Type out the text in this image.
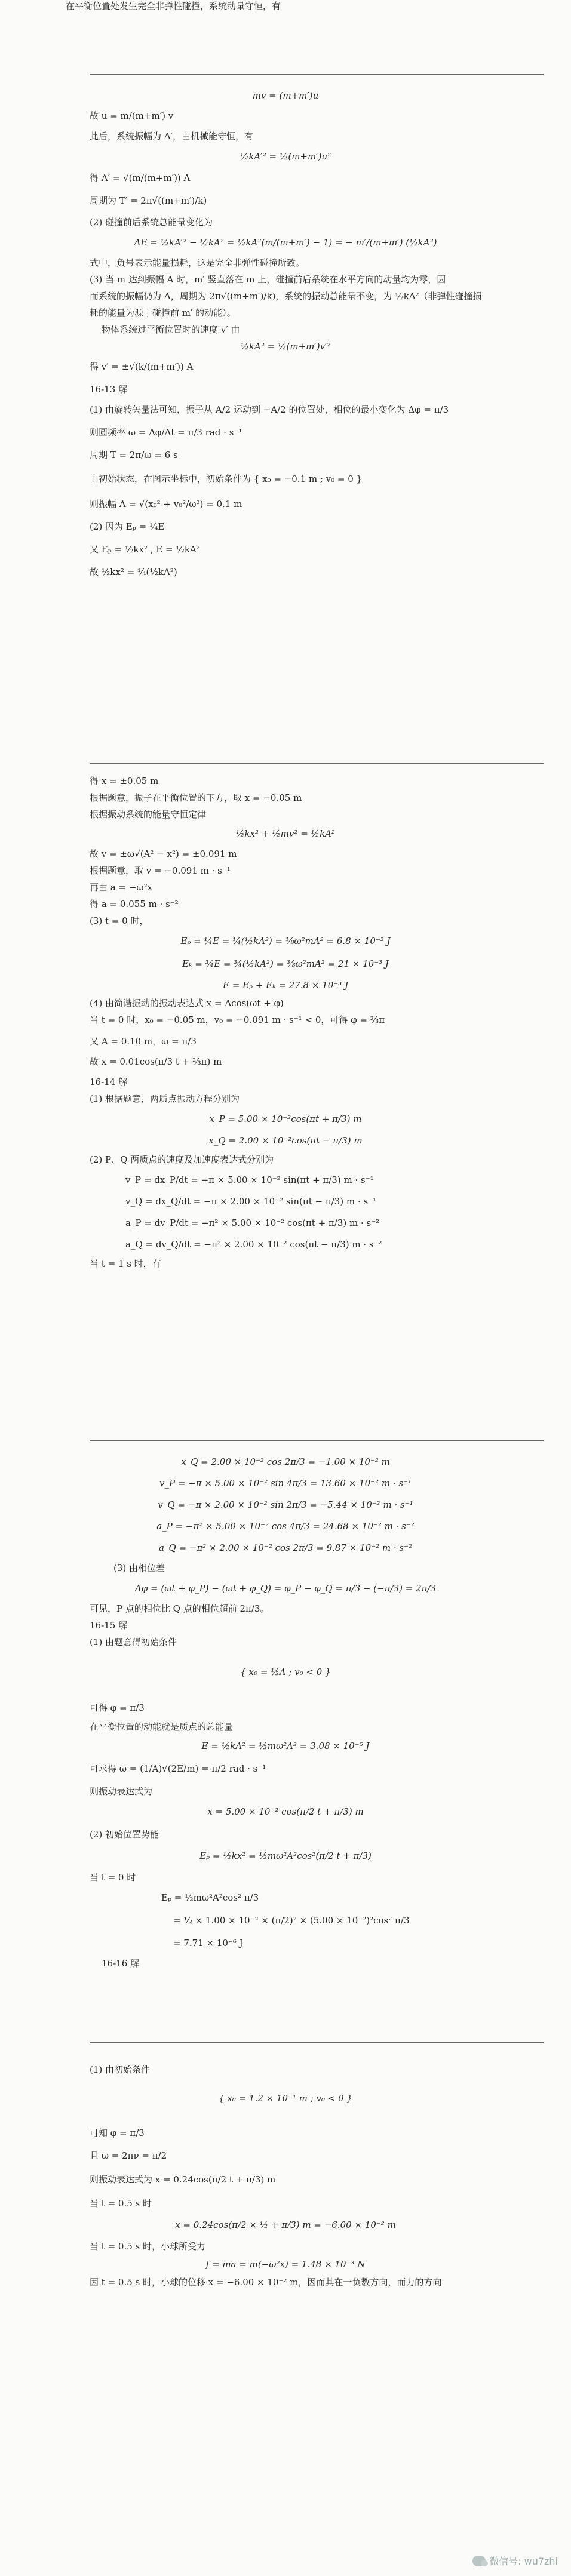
在平衡位置处发生完全非弹性碰撞，系统动量守恒，有
mv = (m+m′)u
故 u = m/(m+m′) v
此后，系统振幅为 A′，由机械能守恒，有
½kA′² = ½(m+m′)u²
得 A′ = √(m/(m+m′)) A
周期为 T′ = 2π√((m+m′)/k)
(2) 碰撞前后系统总能量变化为
ΔE = ½kA′² − ½kA² = ½kA²(m/(m+m′) − 1) = − m′/(m+m′) (½kA²)
式中，负号表示能量损耗，这是完全非弹性碰撞所致。
(3) 当 m 达到振幅 A 时，m′ 竖直落在 m 上，碰撞前后系统在水平方向的动量均为零，因
而系统的振幅仍为 A，周期为 2π√((m+m′)/k)，系统的振动总能量不变，为 ½kA²（非弹性碰撞损
耗的能量为源于碰撞前 m′ 的动能）。
物体系统过平衡位置时的速度 v′ 由
½kA² = ½(m+m′)v′²
得 v′ = ±√(k/(m+m′)) A
16-13 解
(1) 由旋转矢量法可知，振子从 A/2 运动到 −A/2 的位置处，相位的最小变化为 Δφ = π/3
则圆频率 ω = Δφ/Δt = π/3 rad · s⁻¹
周期 T = 2π/ω = 6 s
由初始状态，在图示坐标中，初始条件为 { x₀ = −0.1 m ; v₀ = 0 }
则振幅 A = √(x₀² + v₀²/ω²) = 0.1 m
(2) 因为 Eₚ = ¼E
又 Eₚ = ½kx² , E = ½kA²
故 ½kx² = ¼(½kA²)
得 x = ±0.05 m
根据题意，振子在平衡位置的下方，取 x = −0.05 m
根据振动系统的能量守恒定律
½kx² + ½mv² = ½kA²
故 v = ±ω√(A² − x²) = ±0.091 m
根据题意，取 v = −0.091 m · s⁻¹
再由 a = −ω²x
得 a = 0.055 m · s⁻²
(3) t = 0 时，
Eₚ = ¼E = ¼(½kA²) = ⅛ω²mA² = 6.8 × 10⁻³ J
Eₖ = ¾E = ¾(½kA²) = ⅜ω²mA² = 21 × 10⁻³ J
E = Eₚ + Eₖ = 27.8 × 10⁻³ J
(4) 由简谐振动的振动表达式 x = Acos(ωt + φ)
当 t = 0 时，x₀ = −0.05 m，v₀ = −0.091 m · s⁻¹ < 0，可得 φ = ⅔π
又 A = 0.10 m，ω = π/3
故 x = 0.01cos(π/3 t + ⅔π) m
16-14 解
(1) 根据题意，两质点振动方程分别为
x_P = 5.00 × 10⁻²cos(πt + π/3) m
x_Q = 2.00 × 10⁻²cos(πt − π/3) m
(2) P、Q 两质点的速度及加速度表达式分别为
v_P = dx_P/dt = −π × 5.00 × 10⁻² sin(πt + π/3) m · s⁻¹
v_Q = dx_Q/dt = −π × 2.00 × 10⁻² sin(πt − π/3) m · s⁻¹
a_P = dv_P/dt = −π² × 5.00 × 10⁻² cos(πt + π/3) m · s⁻²
a_Q = dv_Q/dt = −π² × 2.00 × 10⁻² cos(πt − π/3) m · s⁻²
当 t = 1 s 时，有
x_Q = 2.00 × 10⁻² cos 2π/3 = −1.00 × 10⁻² m
v_P = −π × 5.00 × 10⁻² sin 4π/3 = 13.60 × 10⁻² m · s⁻¹
v_Q = −π × 2.00 × 10⁻² sin 2π/3 = −5.44 × 10⁻² m · s⁻¹
a_P = −π² × 5.00 × 10⁻² cos 4π/3 = 24.68 × 10⁻² m · s⁻²
a_Q = −π² × 2.00 × 10⁻² cos 2π/3 = 9.87 × 10⁻² m · s⁻²
(3) 由相位差
Δφ = (ωt + φ_P) − (ωt + φ_Q) = φ_P − φ_Q = π/3 − (−π/3) = 2π/3
可见，P 点的相位比 Q 点的相位超前 2π/3。
16-15 解
(1) 由题意得初始条件
{ x₀ = ½A ; v₀ < 0 }
可得 φ = π/3
在平衡位置的动能就是质点的总能量
E = ½kA² = ½mω²A² = 3.08 × 10⁻⁵ J
可求得 ω = (1/A)√(2E/m) = π/2 rad · s⁻¹
则振动表达式为
x = 5.00 × 10⁻² cos(π/2 t + π/3) m
(2) 初始位置势能
Eₚ = ½kx² = ½mω²A²cos²(π/2 t + π/3)
当 t = 0 时
Eₚ = ½mω²A²cos² π/3
= ½ × 1.00 × 10⁻² × (π/2)² × (5.00 × 10⁻²)²cos² π/3
= 7.71 × 10⁻⁶ J
16-16 解
(1) 由初始条件
{ x₀ = 1.2 × 10⁻¹ m ; v₀ < 0 }
可知 φ = π/3
且 ω = 2πν = π/2
则振动表达式为 x = 0.24cos(π/2 t + π/3) m
当 t = 0.5 s 时
x = 0.24cos(π/2 × ½ + π/3) m = −6.00 × 10⁻² m
当 t = 0.5 s 时，小球所受力
f = ma = m(−ω²x) = 1.48 × 10⁻³ N
因 t = 0.5 s 时，小球的位移 x = −6.00 × 10⁻² m，因而其在一负数方向，而力的方向
微信号: wu7zhi
